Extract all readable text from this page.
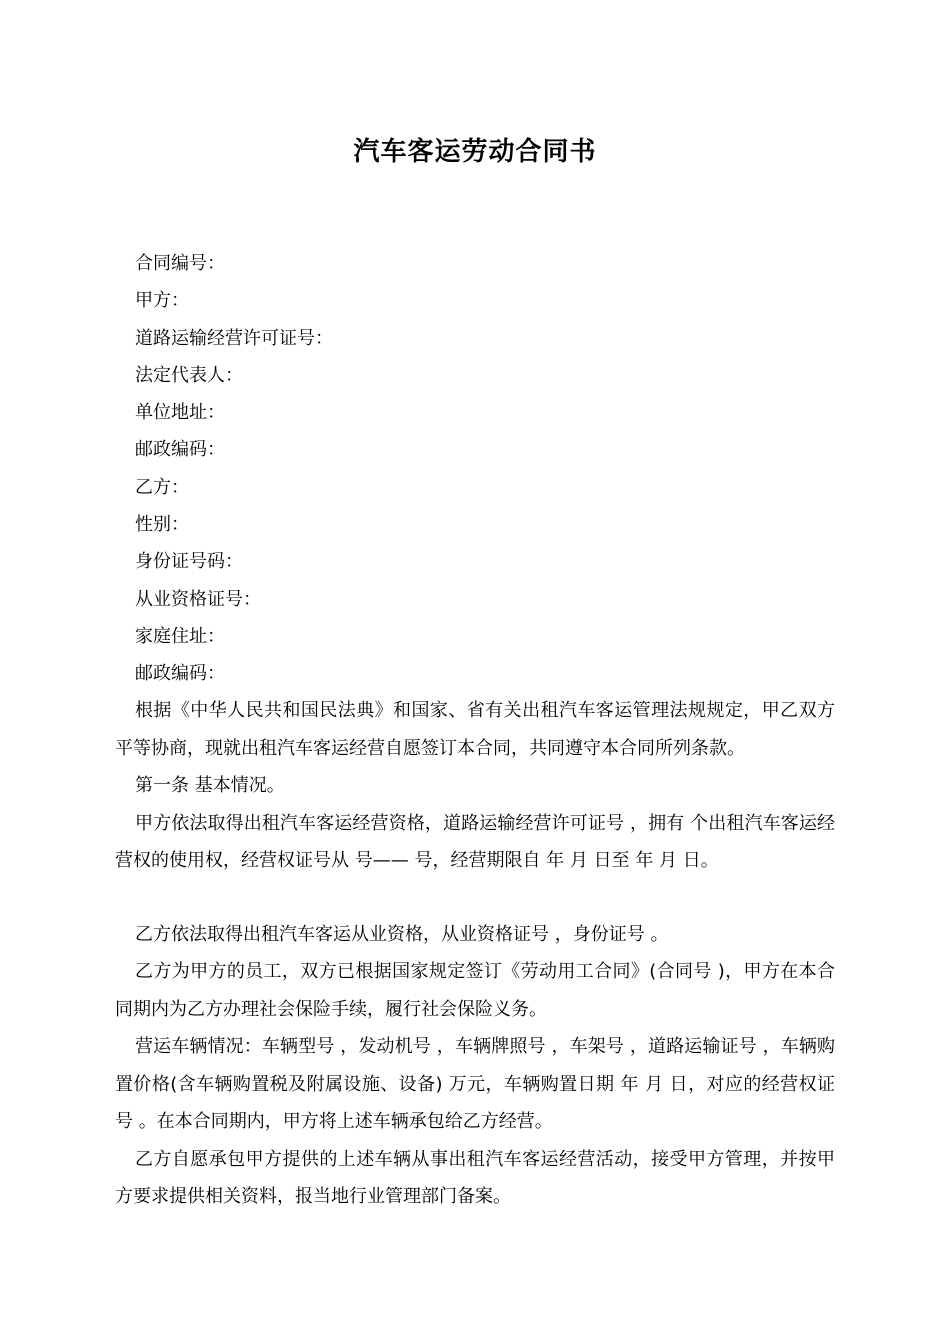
汽车客运劳动合同书
合同编号：
甲方：
道路运输经营许可证号：
法定代表人：
单位地址：
邮政编码：
乙方：
性别：
身份证号码：
从业资格证号：
家庭住址：
邮政编码：

根据《中华人民共和国民法典》和国家、省有关出租汽车客运管理法规规定，甲乙双方平等协商，现就出租汽车客运经营自愿签订本合同，共同遵守本合同所列条款。

第一条 基本情况。

甲方依法取得出租汽车客运经营资格，道路运输经营许可证号 ，拥有 个出租汽车客运经营权的使用权，经营权证号从 号—— 号，经营期限自 年 月 日至 年 月 日。

乙方依法取得出租汽车客运从业资格，从业资格证号 ，身份证号 。

乙方为甲方的员工，双方已根据国家规定签订《劳动用工合同》(合同号 )，甲方在本合同期内为乙方办理社会保险手续，履行社会保险义务。

营运车辆情况：车辆型号 ，发动机号 ，车辆牌照号 ，车架号 ，道路运输证号 ，车辆购置价格(含车辆购置税及附属设施、设备) 万元，车辆购置日期 年 月 日，对应的经营权证号 。在本合同期内，甲方将上述车辆承包给乙方经营。

乙方自愿承包甲方提供的上述车辆从事出租汽车客运经营活动，接受甲方管理，并按甲方要求提供相关资料，报当地行业管理部门备案。
